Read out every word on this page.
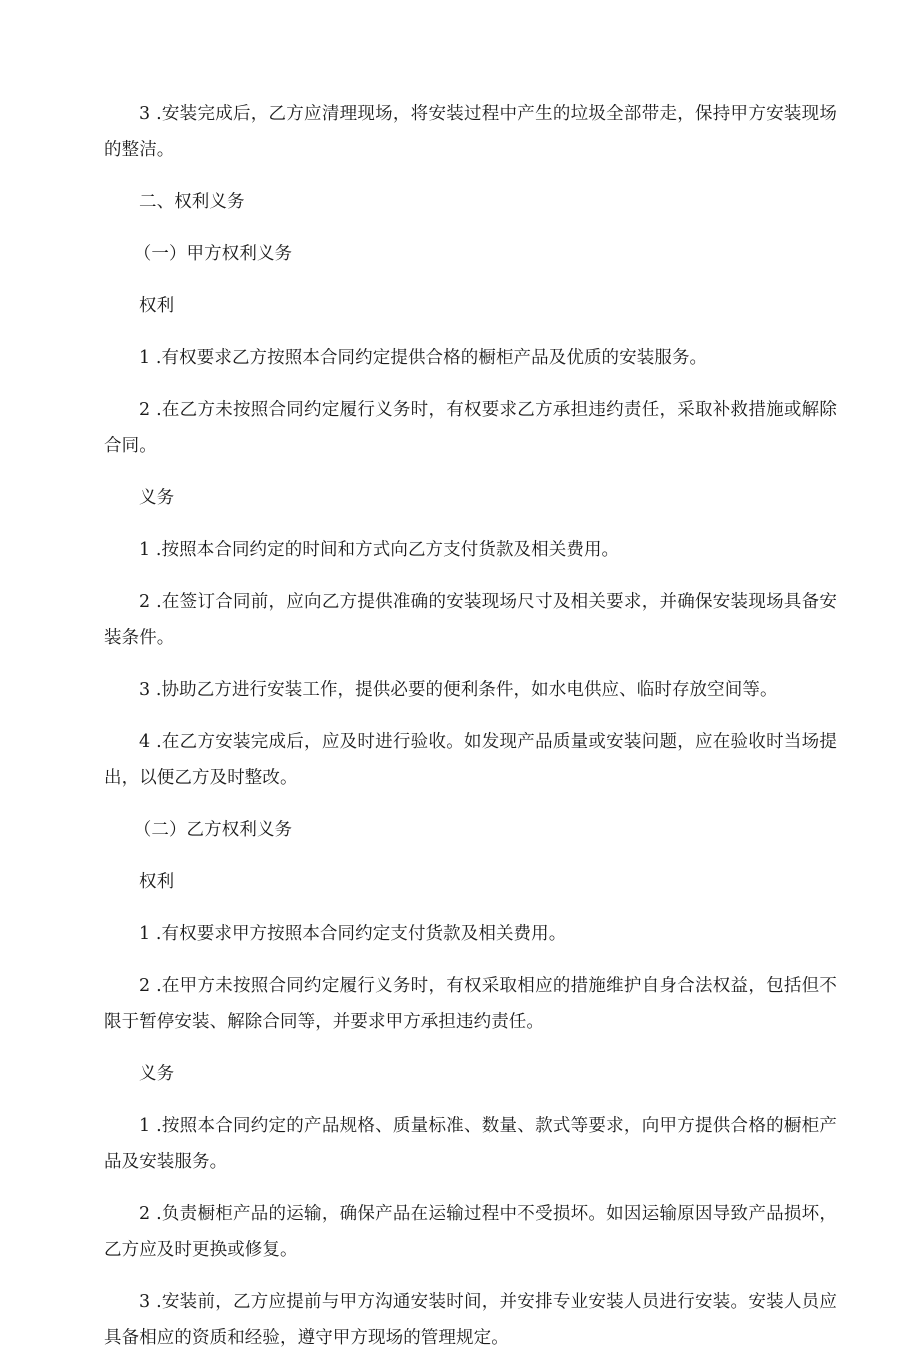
3 .安装完成后，乙方应清理现场，将安装过程中产生的垃圾全部带走，保持甲方安装现场的整洁。

二、权利义务

（一）甲方权利义务

权利

1 .有权要求乙方按照本合同约定提供合格的橱柜产品及优质的安装服务。

2 .在乙方未按照合同约定履行义务时，有权要求乙方承担违约责任，采取补救措施或解除合同。

义务

1 .按照本合同约定的时间和方式向乙方支付货款及相关费用。

2 .在签订合同前，应向乙方提供准确的安装现场尺寸及相关要求，并确保安装现场具备安装条件。

3 .协助乙方进行安装工作，提供必要的便利条件，如水电供应、临时存放空间等。

4 .在乙方安装完成后，应及时进行验收。如发现产品质量或安装问题，应在验收时当场提出，以便乙方及时整改。

（二）乙方权利义务

权利

1 .有权要求甲方按照本合同约定支付货款及相关费用。

2 .在甲方未按照合同约定履行义务时，有权采取相应的措施维护自身合法权益，包括但不限于暂停安装、解除合同等，并要求甲方承担违约责任。

义务

1 .按照本合同约定的产品规格、质量标准、数量、款式等要求，向甲方提供合格的橱柜产品及安装服务。

2 .负责橱柜产品的运输，确保产品在运输过程中不受损坏。如因运输原因导致产品损坏，乙方应及时更换或修复。

3 .安装前，乙方应提前与甲方沟通安装时间，并安排专业安装人员进行安装。安装人员应具备相应的资质和经验，遵守甲方现场的管理规定。
